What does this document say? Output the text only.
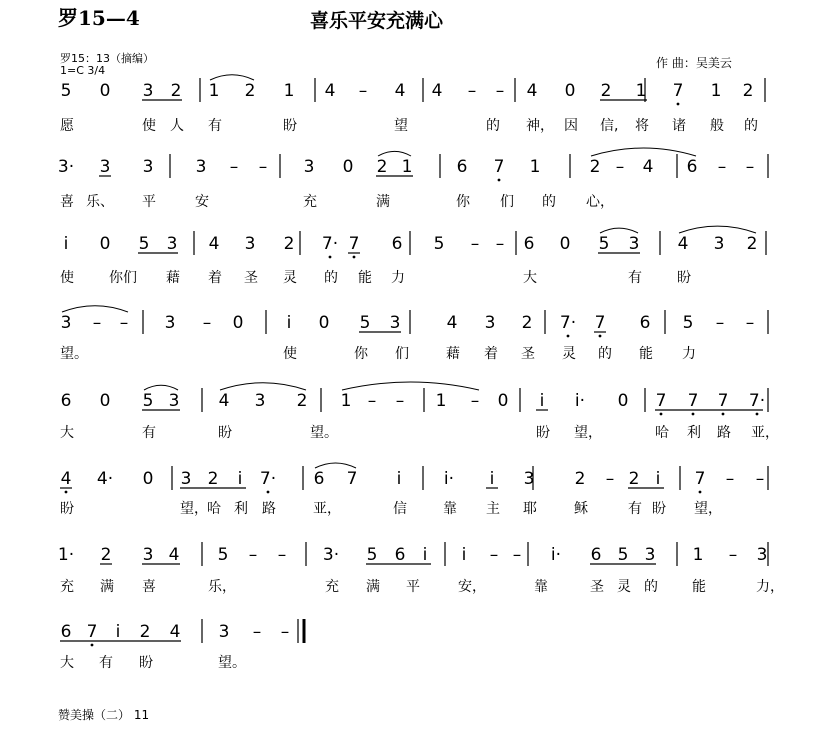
罗15—4	喜乐平安充满心
罗15：13（摘编）
1=C 3/4
作 曲：吴美云
5 0 3 2 1 2 1 4 – 4 4 – – 4 0 2 1 7 1 2
愿	使 人 有	盼	望	的 神， 因 信, 将 诸 般 的
3· 3 3 3 – – 3 0 2 1	6 7 1	2 – 4 6 – –
喜 乐、 平	安	充	满	你 们 的 心，
i 0 5 3 4 3 2 7· 7 6 5 – – 6 0 5 3 4 3 2
使	你们 藉 着 圣 灵 的 能 力	大	有	盼
3 – – 3 – 0	i 0 5 3	4 3 2 7· 7 6 5 – –
望。	使	你 们	藉 着 圣 灵 的 能 力
6 0 5 3 4 3 2 1 – – 1 – 0 i i· 0 7 7 7 7·
大	有	盼	望。	盼 望，	哈 利 路 亚，
4 4· 0 3 2 i 7· 6 7 i	i· i 3 2 – 2 i 7 – –
盼	望， 哈 利 路	亚，	信	靠 主 耶	稣	有 盼 望，
1· 2 3 4 5 – – 3· 5 6 i i – – i· 6 5 3 1 – 3
充 满 喜	乐，	充 满 平	安，	靠	圣 灵 的 能	力，
6 7 i 2 4 3 – –
大 有 盼	望。
赞美操（二） 11
